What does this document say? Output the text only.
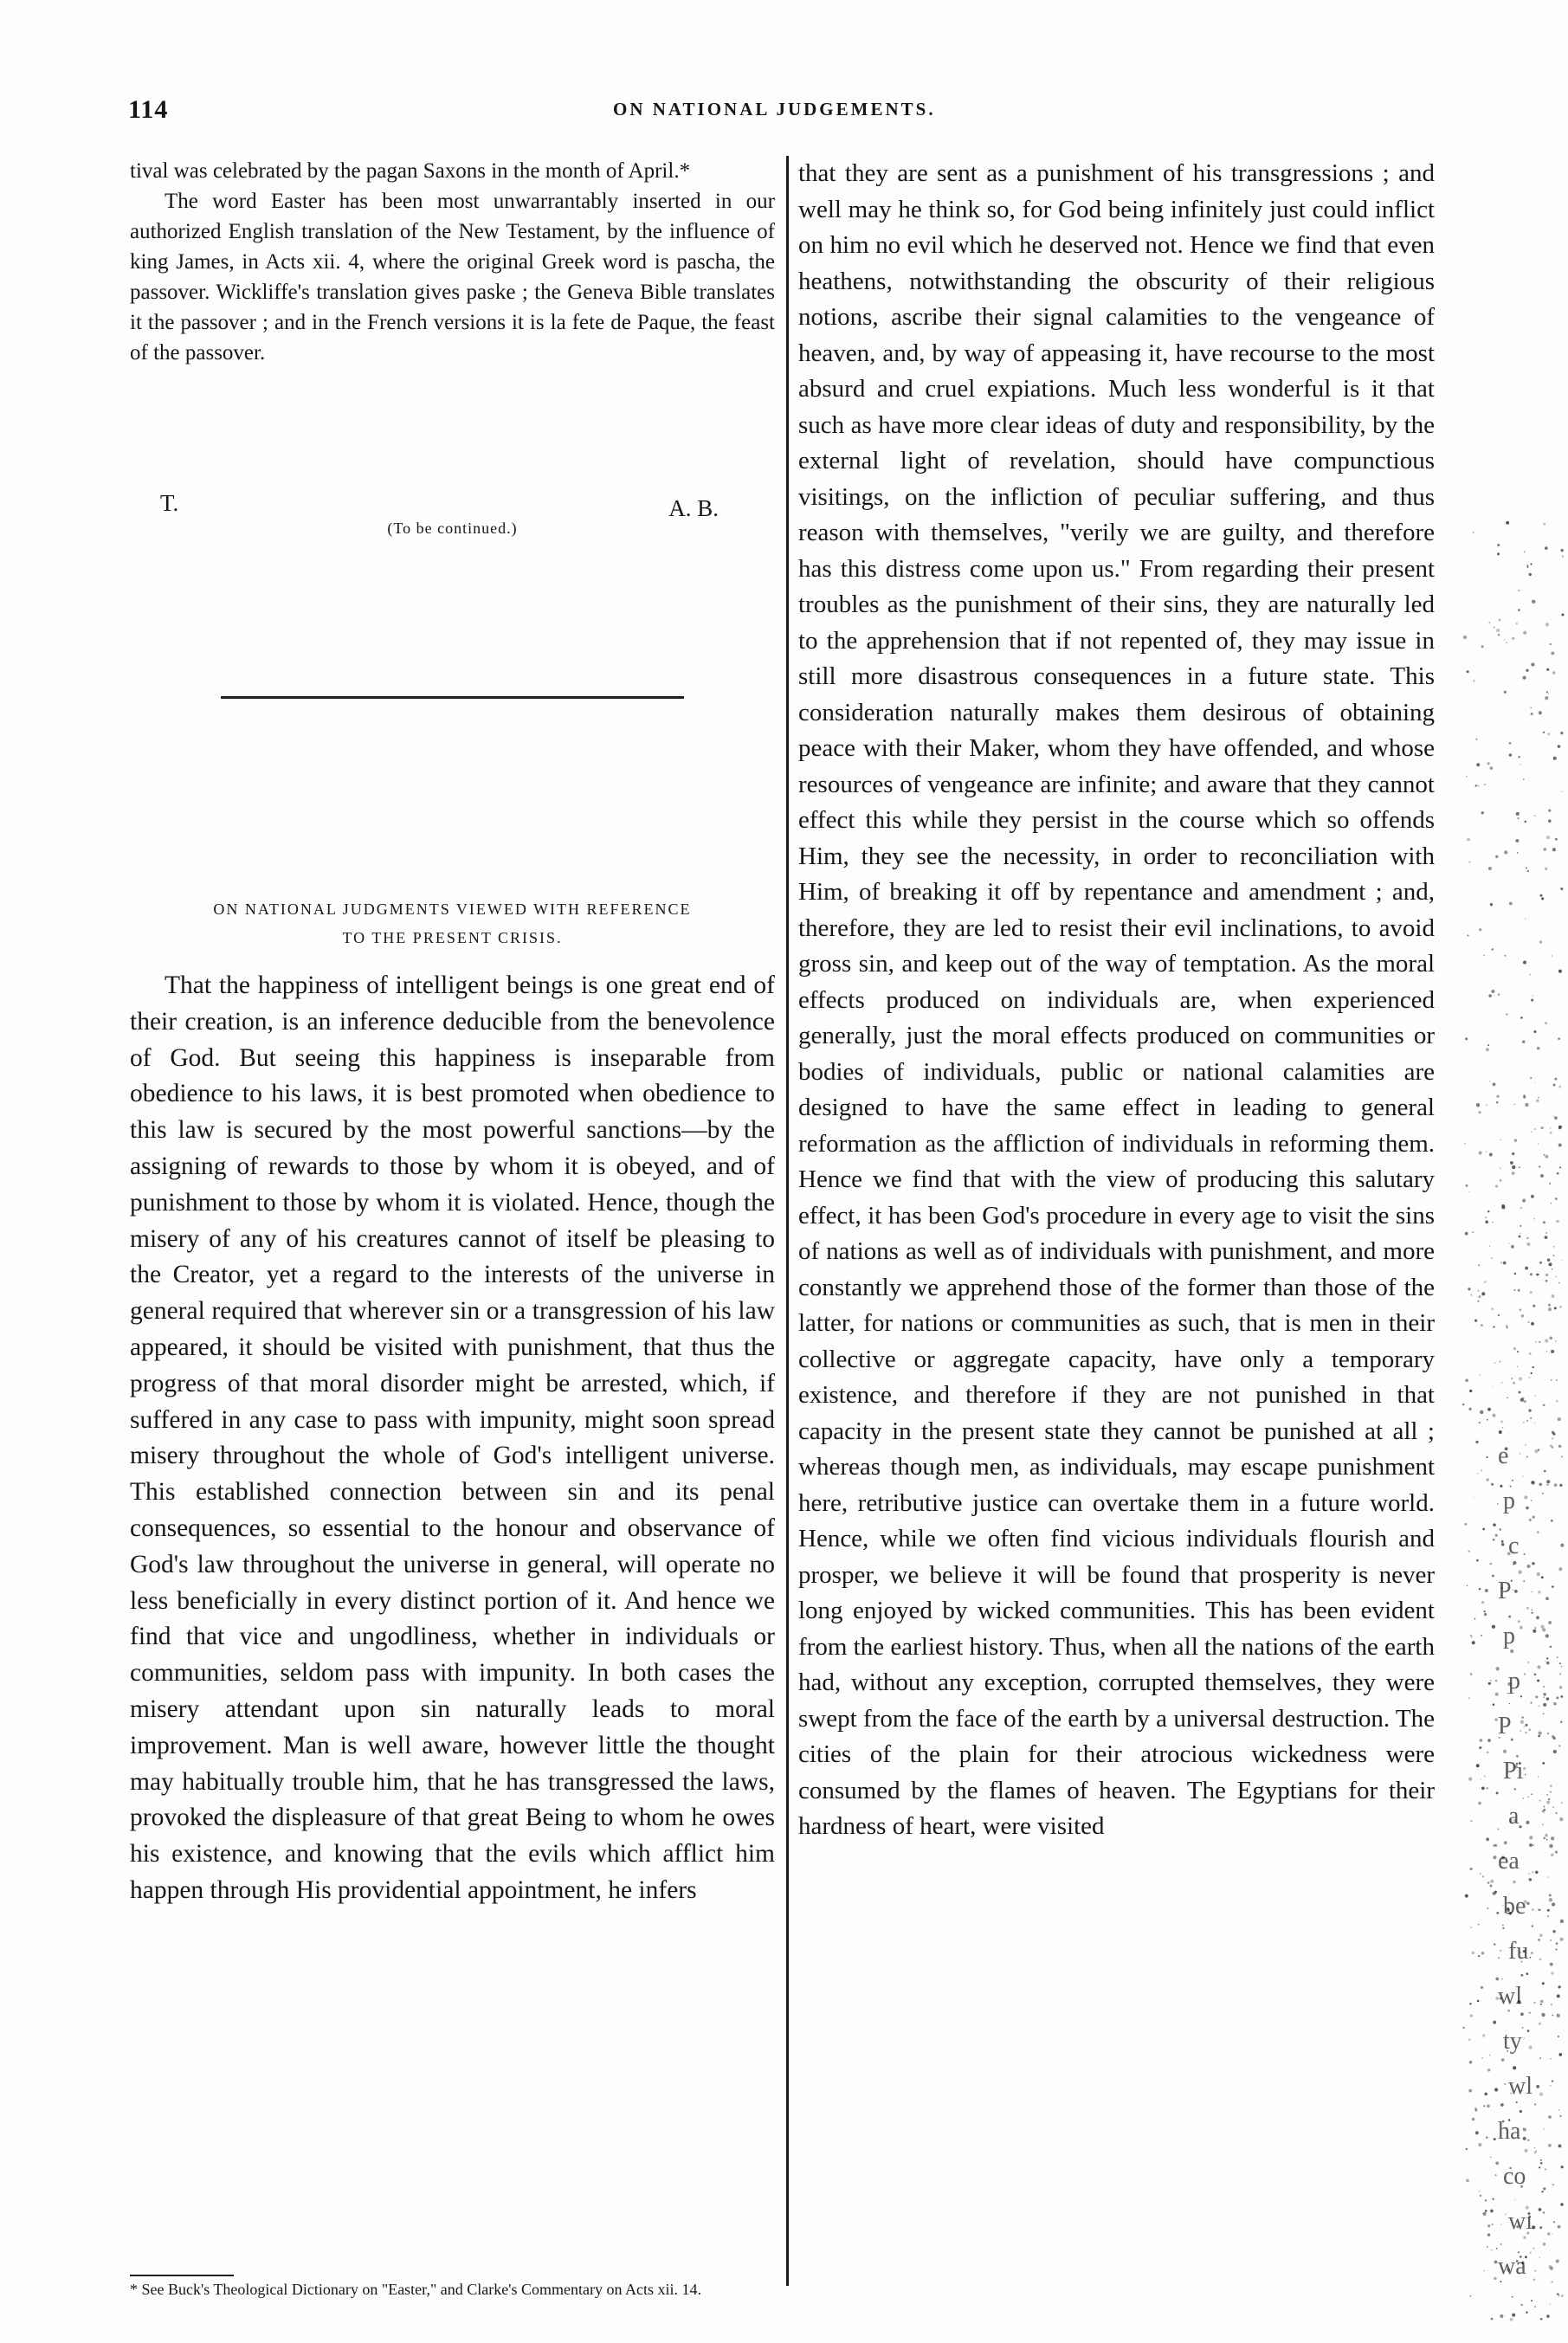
114	ON NATIONAL JUDGEMENTS.

tival was celebrated by the pagan Saxons in the month of April.*

The word Easter has been most unwarrantably inserted in our authorized English translation of the New Testament, by the influence of king James, in Acts xii. 4, where the original Greek word is pascha, the passover. Wickliffe's translation gives paske ; the Geneva Bible translates it the passover ; and in the French versions it is la fete de Paque, the feast of the passover.

T.	A. B.
(To be continued.)
ON NATIONAL JUDGMENTS VIEWED WITH REFERENCE
TO THE PRESENT CRISIS.

That the happiness of intelligent beings is one great end of their creation, is an inference deducible from the benevolence of God. But seeing this happiness is inseparable from obedience to his laws, it is best promoted when obedience to this law is secured by the most powerful sanctions—by the assigning of rewards to those by whom it is obeyed, and of punishment to those by whom it is violated. Hence, though the misery of any of his creatures cannot of itself be pleasing to the Creator, yet a regard to the interests of the universe in general required that wherever sin or a transgression of his law appeared, it should be visited with punishment, that thus the progress of that moral disorder might be arrested, which, if suffered in any case to pass with impunity, might soon spread misery throughout the whole of God's intelligent universe. This established connection between sin and its penal consequences, so essential to the honour and observance of God's law throughout the universe in general, will operate no less beneficially in every distinct portion of it. And hence we find that vice and ungodliness, whether in individuals or communities, seldom pass with impunity. In both cases the misery attendant upon sin naturally leads to moral improvement. Man is well aware, however little the thought may habitually trouble him, that he has transgressed the laws, provoked the displeasure of that great Being to whom he owes his existence, and knowing that the evils which afflict him happen through His providential appointment, he infers

* See Buck's Theological Dictionary on "Easter," and Clarke's Commentary on Acts xii. 14.

that they are sent as a punishment of his transgressions ; and well may he think so, for God being infinitely just could inflict on him no evil which he deserved not. Hence we find that even heathens, notwithstanding the obscurity of their religious notions, ascribe their signal calamities to the vengeance of heaven, and, by way of appeasing it, have recourse to the most absurd and cruel expiations. Much less wonderful is it that such as have more clear ideas of duty and responsibility, by the external light of revelation, should have compunctious visitings, on the infliction of peculiar suffering, and thus reason with themselves, "verily we are guilty, and therefore has this distress come upon us." From regarding their present troubles as the punishment of their sins, they are naturally led to the apprehension that if not repented of, they may issue in still more disastrous consequences in a future state. This consideration naturally makes them desirous of obtaining peace with their Maker, whom they have offended, and whose resources of vengeance are infinite; and aware that they cannot effect this while they persist in the course which so offends Him, they see the necessity, in order to reconciliation with Him, of breaking it off by repentance and amendment ; and, therefore, they are led to resist their evil inclinations, to avoid gross sin, and keep out of the way of temptation. As the moral effects produced on individuals are, when experienced generally, just the moral effects produced on communities or bodies of individuals, public or national calamities are designed to have the same effect in leading to general reformation as the affliction of individuals in reforming them. Hence we find that with the view of producing this salutary effect, it has been God's procedure in every age to visit the sins of nations as well as of individuals with punishment, and more constantly we apprehend those of the former than those of the latter, for nations or communities as such, that is men in their collective or aggregate capacity, have only a temporary existence, and therefore if they are not punished in that capacity in the present state they cannot be punished at all ; whereas though men, as individuals, may escape punishment here, retributive justice can overtake them in a future world. Hence, while we often find vicious individuals flourish and prosper, we believe it will be found that prosperity is never long enjoyed by wicked communities. This has been evident from the earliest history. Thus, when all the nations of the earth had, without any exception, corrupted themselves, they were swept from the face of the earth by a universal destruction. The cities of the plain for their atrocious wickedness were consumed by the flames of heaven. The Egyptians for their hardness of heart, were visited

e
p
c
P
p
p
P
Pi
a
ea
be
fu
wl
ty
wl
ha
co
wi
wa
